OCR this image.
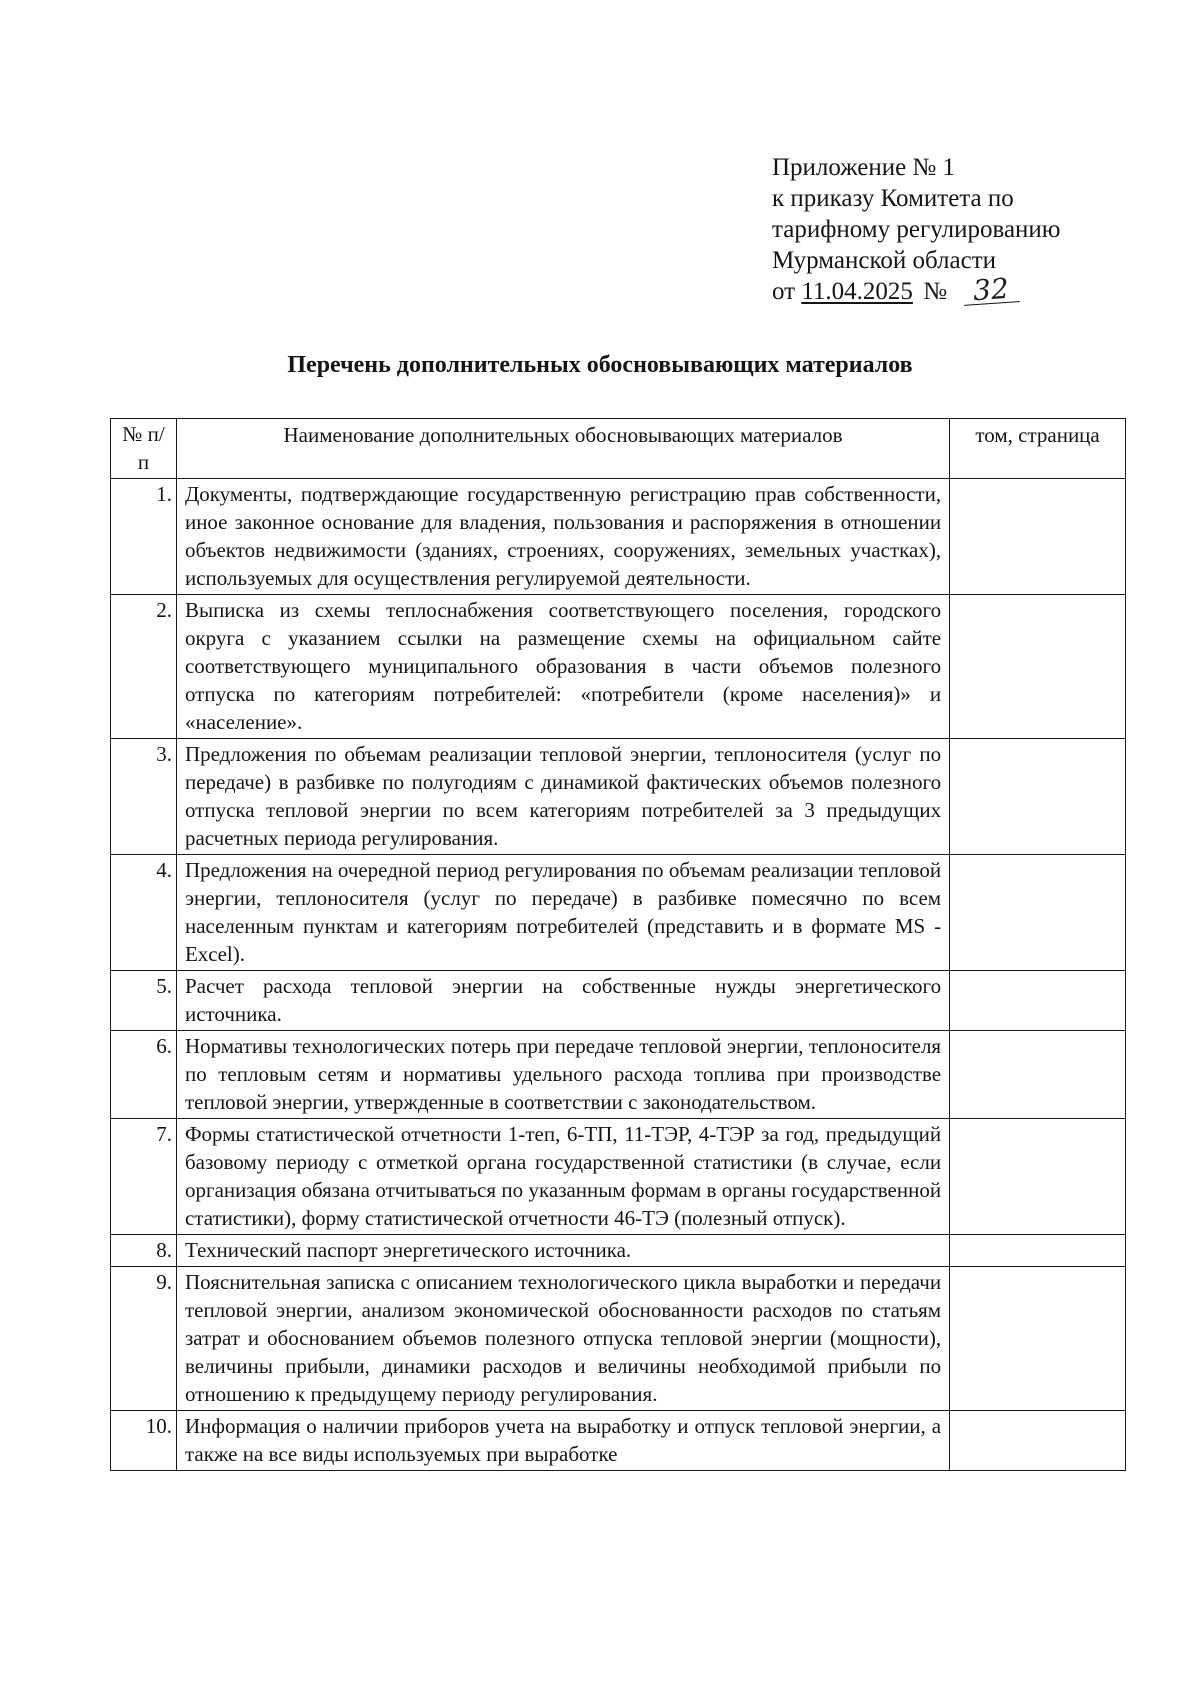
Приложение № 1
к приказу Комитета по
тарифному регулированию
Мурманской области
от 11.04.2025 № 32
Перечень дополнительных обосновывающих материалов
№ п/п	Наименование дополнительных обосновывающих материалов	том, страница
1.	Документы, подтверждающие государственную регистрацию прав собственности, иное законное основание для владения, пользования и распоряжения в отношении объектов недвижимости (зданиях, строениях, сооружениях, земельных участках), используемых для осуществления регулируемой деятельности.	
2.	Выписка из схемы теплоснабжения соответствующего поселения, городского округа с указанием ссылки на размещение схемы на официальном сайте соответствующего муниципального образования в части объемов полезного отпуска по категориям потребителей: «потребители (кроме населения)» и «население».	
3.	Предложения по объемам реализации тепловой энергии, теплоносителя (услуг по передаче) в разбивке по полугодиям с динамикой фактических объемов полезного отпуска тепловой энергии по всем категориям потребителей за 3 предыдущих расчетных периода регулирования.	
4.	Предложения на очередной период регулирования по объемам реализации тепловой энергии, теплоносителя (услуг по передаче) в разбивке помесячно по всем населенным пунктам и категориям потребителей (представить и в формате MS - Excel).	
5.	Расчет расхода тепловой энергии на собственные нужды энергетического источника.	
6.	Нормативы технологических потерь при передаче тепловой энергии, теплоносителя по тепловым сетям и нормативы удельного расхода топлива при производстве тепловой энергии, утвержденные в соответствии с законодательством.	
7.	Формы статистической отчетности 1-теп, 6-ТП, 11-ТЭР, 4-ТЭР за год, предыдущий базовому периоду с отметкой органа государственной статистики (в случае, если организация обязана отчитываться по указанным формам в органы государственной статистики), форму статистической отчетности 46-ТЭ (полезный отпуск).	
8.	Технический паспорт энергетического источника.	
9.	Пояснительная записка с описанием технологического цикла выработки и передачи тепловой энергии, анализом экономической обоснованности расходов по статьям затрат и обоснованием объемов полезного отпуска тепловой энергии (мощности), величины прибыли, динамики расходов и величины необходимой прибыли по отношению к предыдущему периоду регулирования.	
10.	Информация о наличии приборов учета на выработку и отпуск тепловой энергии, а также на все виды используемых при выработке	
